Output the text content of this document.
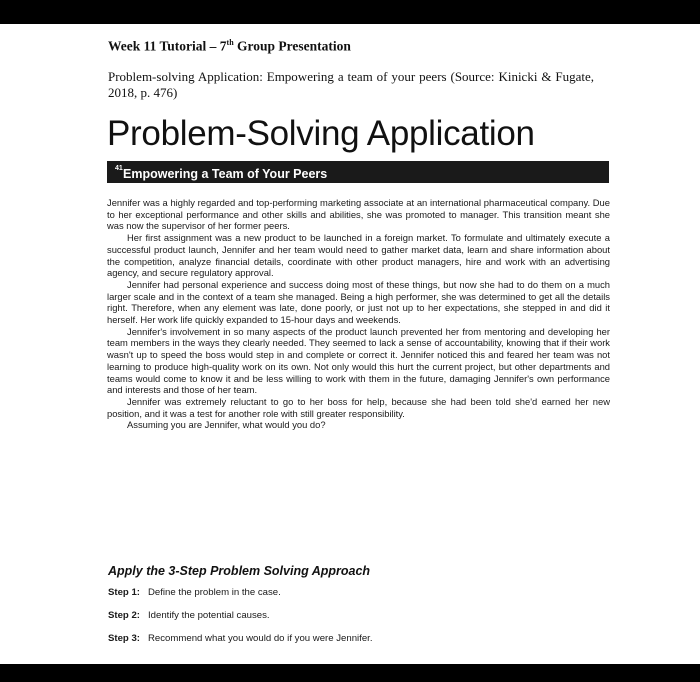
Week 11 Tutorial – 7th Group Presentation
Problem-solving Application: Empowering a team of your peers (Source: Kinicki & Fugate, 2018, p. 476)
Problem-Solving Application
Empowering a Team of Your Peers
$^{41}$

Jennifer was a highly regarded and top-performing marketing associate at an international pharmaceutical company. Due to her exceptional performance and other skills and abilities, she was promoted to manager. This transition meant she was now the supervisor of her former peers.

Her first assignment was a new product to be launched in a foreign market. To formulate and ultimately execute a successful product launch, Jennifer and her team would need to gather market data, learn and share information about the competition, analyze financial details, coordinate with other product managers, hire and work with an advertising agency, and secure regulatory approval.

Jennifer had personal experience and success doing most of these things, but now she had to do them on a much larger scale and in the context of a team she managed. Being a high performer, she was determined to get all the details right. Therefore, when any element was late, done poorly, or just not up to her expectations, she stepped in and did it herself. Her work life quickly expanded to 15-hour days and weekends.

Jennifer's involvement in so many aspects of the product launch prevented her from mentoring and developing her team members in the ways they clearly needed. They seemed to lack a sense of accountability, knowing that if their work wasn't up to speed the boss would step in and complete or correct it. Jennifer noticed this and feared her team was not learning to produce high-quality work on its own. Not only would this hurt the current project, but other departments and teams would come to know it and be less willing to work with them in the future, damaging Jennifer's own performance and interests and those of her team.

Jennifer was extremely reluctant to go to her boss for help, because she had been told she'd earned her new position, and it was a test for another role with still greater responsibility.

Assuming you are Jennifer, what would you do?

Apply the 3-Step Problem Solving Approach
Step 1: Define the problem in the case.
Step 2: Identify the potential causes.
Step 3: Recommend what you would do if you were Jennifer.
